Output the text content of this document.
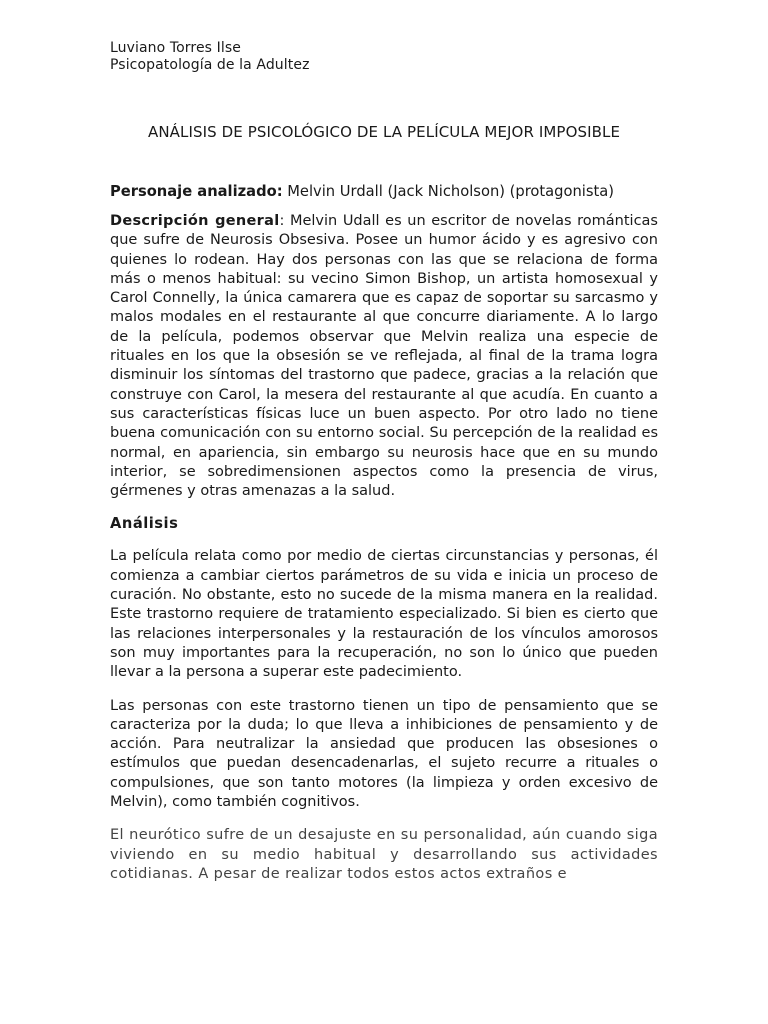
Luviano Torres Ilse
Psicopatología de la Adultez
ANÁLISIS DE PSICOLÓGICO DE LA PELÍCULA MEJOR IMPOSIBLE
Personaje analizado: Melvin Urdall (Jack Nicholson) (protagonista)

Descripción general: Melvin Udall es un escritor de novelas románticas que sufre de Neurosis Obsesiva. Posee un humor ácido y es agresivo con quienes lo rodean. Hay dos personas con las que se relaciona de forma más o menos habitual: su vecino Simon Bishop, un artista homosexual y Carol Connelly, la única camarera que es capaz de soportar su sarcasmo y malos modales en el restaurante al que concurre diariamente. A lo largo de la película, podemos observar que Melvin realiza una especie de rituales en los que la obsesión se ve reflejada, al final de la trama logra disminuir los síntomas del trastorno que padece, gracias a la relación que construye con Carol, la mesera del restaurante al que acudía. En cuanto a sus características físicas luce un buen aspecto. Por otro lado no tiene buena comunicación con su entorno social. Su percepción de la realidad es normal, en apariencia, sin embargo su neurosis hace que en su mundo interior, se sobredimensionen aspectos como la presencia de virus, gérmenes y otras amenazas a la salud.

Análisis

La película relata como por medio de ciertas circunstancias y personas, él comienza a cambiar ciertos parámetros de su vida e inicia un proceso de curación. No obstante, esto no sucede de la misma manera en la realidad. Este trastorno requiere de tratamiento especializado. Si bien es cierto que las relaciones interpersonales y la restauración de los vínculos amorosos son muy importantes para la recuperación, no son lo único que pueden llevar a la persona a superar este padecimiento.

Las personas con este trastorno tienen un tipo de pensamiento que se caracteriza por la duda; lo que lleva a inhibiciones de pensamiento y de acción. Para neutralizar la ansiedad que producen las obsesiones o estímulos que puedan desencadenarlas, el sujeto recurre a rituales o compulsiones, que son tanto motores (la limpieza y orden excesivo de Melvin), como también cognitivos.

El neurótico sufre de un desajuste en su personalidad, aún cuando siga viviendo en su medio habitual y desarrollando sus actividades cotidianas. A pesar de realizar todos estos actos extraños e
